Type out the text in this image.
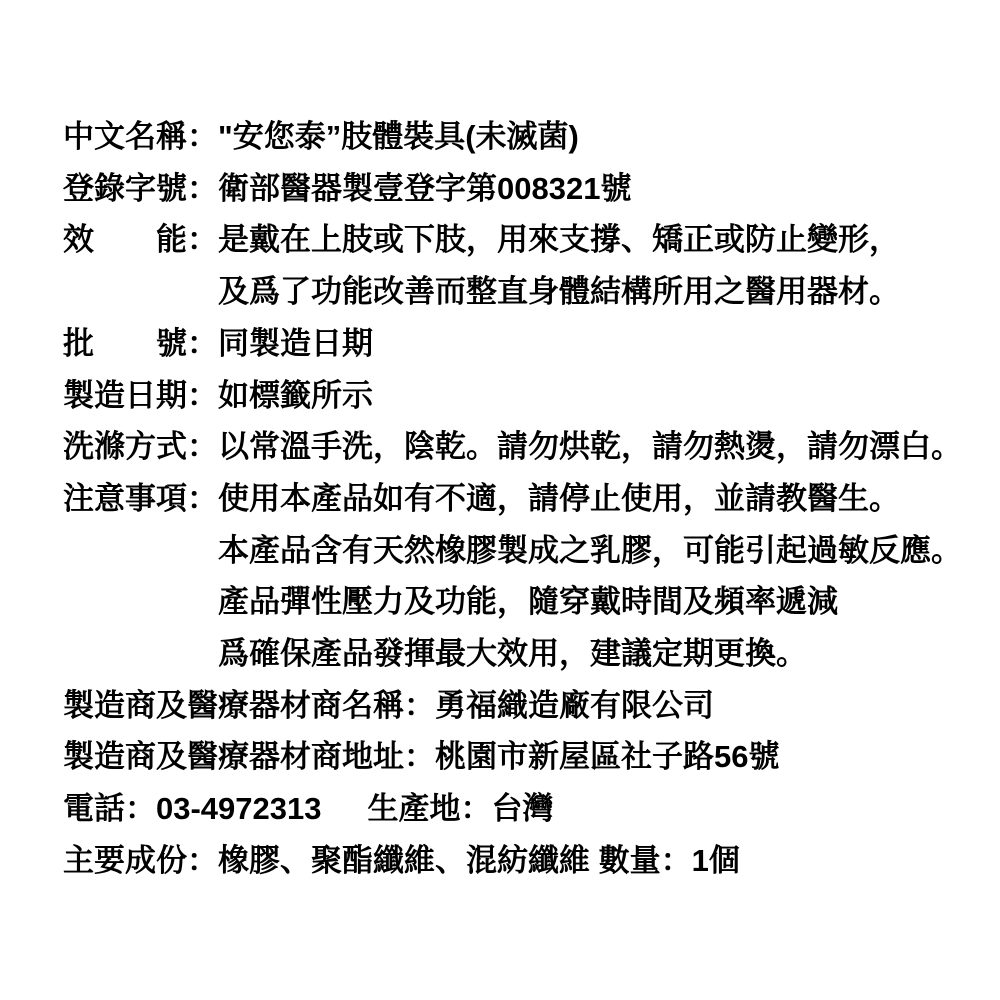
中文名稱： "安您泰”肢體裝具(未滅菌)
登錄字號： 衛部醫器製壹登字第008321號
效　　能： 是戴在上肢或下肢，用來支撐、矯正或防止變形，
及爲了功能改善而整直身體結構所用之醫用器材。
批　　號： 同製造日期
製造日期： 如標籤所示
洗滌方式： 以常溫手洗，陰乾。請勿烘乾，請勿熱燙，請勿漂白。
注意事項： 使用本產品如有不適，請停止使用，並請教醫生。
本產品含有天然橡膠製成之乳膠，可能引起過敏反應。
產品彈性壓力及功能，隨穿戴時間及頻率遞減
爲確保產品發揮最大效用，建議定期更換。
製造商及醫療器材商名稱： 勇福織造廠有限公司
製造商及醫療器材商地址： 桃園市新屋區社子路56號
電話： 03-4972313 生產地： 台灣
主要成份： 橡膠、聚酯纖維、混紡纖維 數量：1個
